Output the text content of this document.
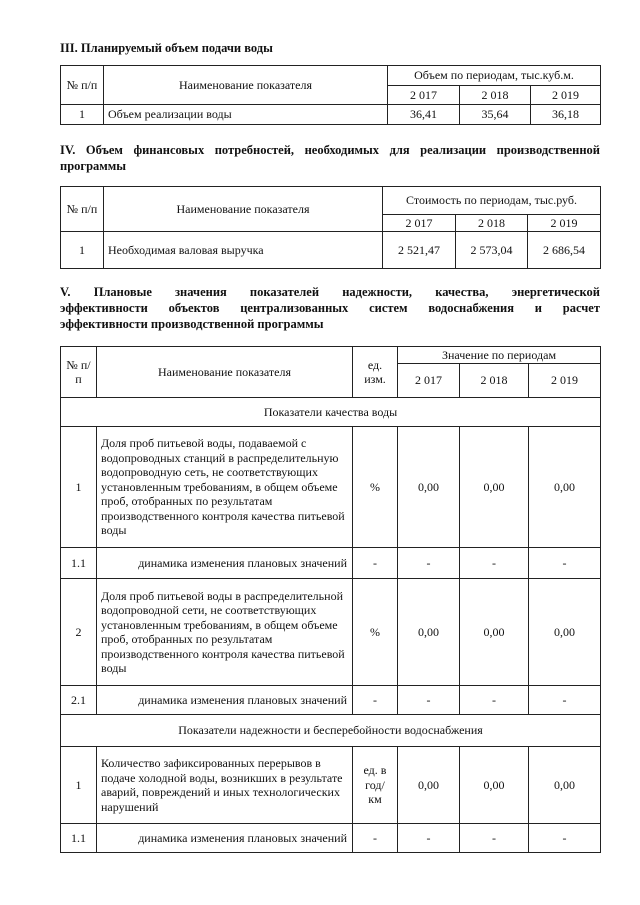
III. Планируемый объем подачи воды
№ п/п	Наименование показателя	Объем по периодам, тыс.куб.м.		
		2 017	2 018	2 019
1	Объем реализации воды	36,41	35,64	36,18
IV. Объем финансовых потребностей, необходимых для реализации производственной
программы
№ п/п	Наименование показателя	Стоимость по периодам, тыс.руб.		
		2 017	2 018	2 019
1	Необходимая валовая выручка	2 521,47	2 573,04	2 686,54
V. Плановые значения показателей надежности, качества, энергетической
эффективности объектов централизованных систем водоснабжения и расчет
эффективности производственной программы
№ п/п	Наименование показателя	ед. изм.	Значение по периодам		
			2 017	2 018	2 019
Показатели качества воды					
1	Доля проб питьевой воды, подаваемой с водопроводных станций в распределительную водопроводную сеть, не соответствующих установленным требованиям, в общем объеме проб, отобранных по результатам производственного контроля качества питьевой воды	%	0,00	0,00	0,00
1.1	динамика изменения плановых значений	-	-	-	-
2	Доля проб питьевой воды в распределительной водопроводной сети, не соответствующих установленным требованиям, в общем объеме проб, отобранных по результатам производственного контроля качества питьевой воды	%	0,00	0,00	0,00
2.1	динамика изменения плановых значений	-	-	-	-
Показатели надежности и бесперебойности водоснабжения					
1	Количество зафиксированных перерывов в подаче холодной воды, возникших в результате аварий, повреждений и иных технологических нарушений	ед. в год/ км	0,00	0,00	0,00
1.1	динамика изменения плановых значений	-	-	-	-
